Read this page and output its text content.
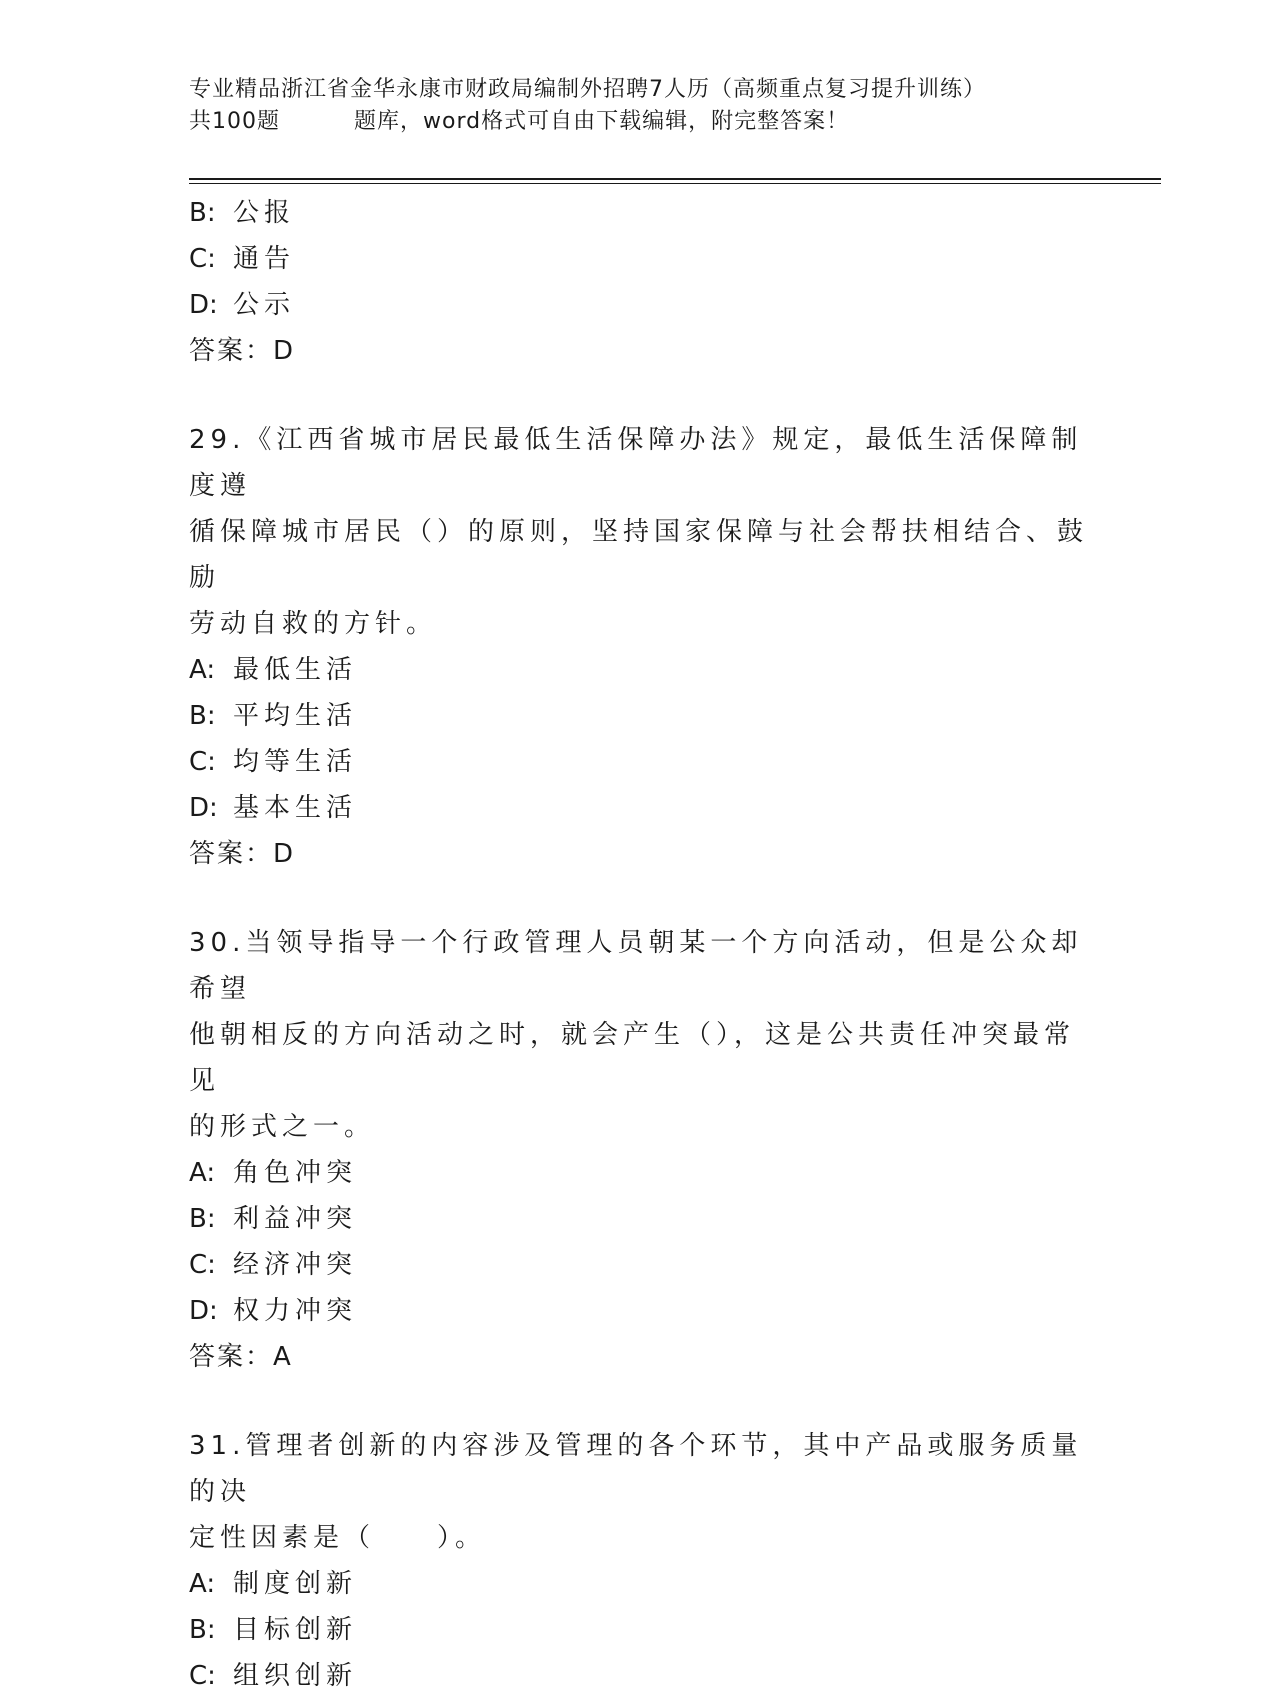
专业精品浙江省金华永康市财政局编制外招聘7人历（高频重点复习提升训练）
共100题	题库，word格式可自由下载编辑，附完整答案！
B: 公报
C: 通告
D: 公示
答案：D
29.《江西省城市居民最低生活保障办法》规定，最低生活保障制度遵
循保障城市居民（）的原则，坚持国家保障与社会帮扶相结合、鼓励
劳动自救的方针。
A: 最低生活
B: 平均生活
C: 均等生活
D: 基本生活
答案：D
30.当领导指导一个行政管理人员朝某一个方向活动，但是公众却希望
他朝相反的方向活动之时，就会产生（），这是公共责任冲突最常见
的形式之一。
A: 角色冲突
B: 利益冲突
C: 经济冲突
D: 权力冲突
答案：A
31.管理者创新的内容涉及管理的各个环节，其中产品或服务质量的决
定性因素是（　　）。
A: 制度创新
B: 目标创新
C: 组织创新
